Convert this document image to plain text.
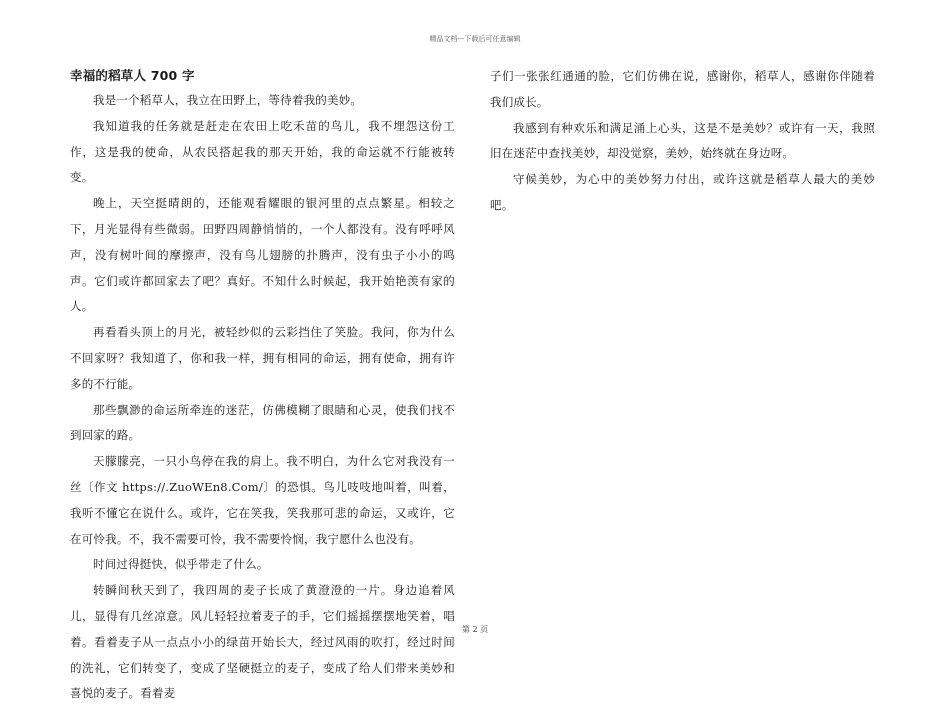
精品文档---下载后可任意编辑
幸福的稻草人 700 字

我是一个稻草人，我立在田野上，等待着我的美妙。

我知道我的任务就是赶走在农田上吃禾苗的鸟儿，我不埋怨这份工作，这是我的使命，从农民搭起我的那天开始，我的命运就不行能被转变。

晚上，天空挺晴朗的，还能观看耀眼的银河里的点点繁星。相较之下，月光显得有些微弱。田野四周静悄悄的，一个人都没有。没有呼呼风声，没有树叶间的摩擦声，没有鸟儿翅膀的扑腾声，没有虫子小小的鸣声。它们或许都回家去了吧？真好。不知什么时候起，我开始艳羡有家的人。

再看看头顶上的月光，被轻纱似的云彩挡住了笑脸。我问，你为什么不回家呀？我知道了，你和我一样，拥有相同的命运，拥有使命，拥有许多的不行能。

那些飘渺的命运所牵连的迷茫，仿佛模糊了眼睛和心灵，使我们找不到回家的路。

天朦朦亮，一只小鸟停在我的肩上。我不明白，为什么它对我没有一丝〔作文 https://.ZuoWEn8.Com/〕的恐惧。鸟儿吱吱地叫着，叫着，我听不懂它在说什么。或许，它在笑我，笑我那可悲的命运，又或许，它在可怜我。不，我不需要可怜，我不需要怜悯，我宁愿什么也没有。

时间过得挺快，似乎带走了什么。

转瞬间秋天到了，我四周的麦子长成了黄澄澄的一片。身边追着风儿，显得有几丝凉意。风儿轻轻拉着麦子的手，它们摇摇摆摆地笑着，唱着。看着麦子从一点点小小的绿苗开始长大，经过风雨的吹打，经过时间的洗礼，它们转变了，变成了坚硬挺立的麦子，变成了给人们带来美妙和喜悦的麦子。看着麦

子们一张张红通通的脸，它们仿佛在说，感谢你，稻草人，感谢你伴随着我们成长。

我感到有种欢乐和满足涌上心头，这是不是美妙？或许有一天，我照旧在迷茫中查找美妙，却没觉察，美妙，始终就在身边呀。

守候美妙，为心中的美妙努力付出，或许这就是稻草人最大的美妙吧。

第 2 页
